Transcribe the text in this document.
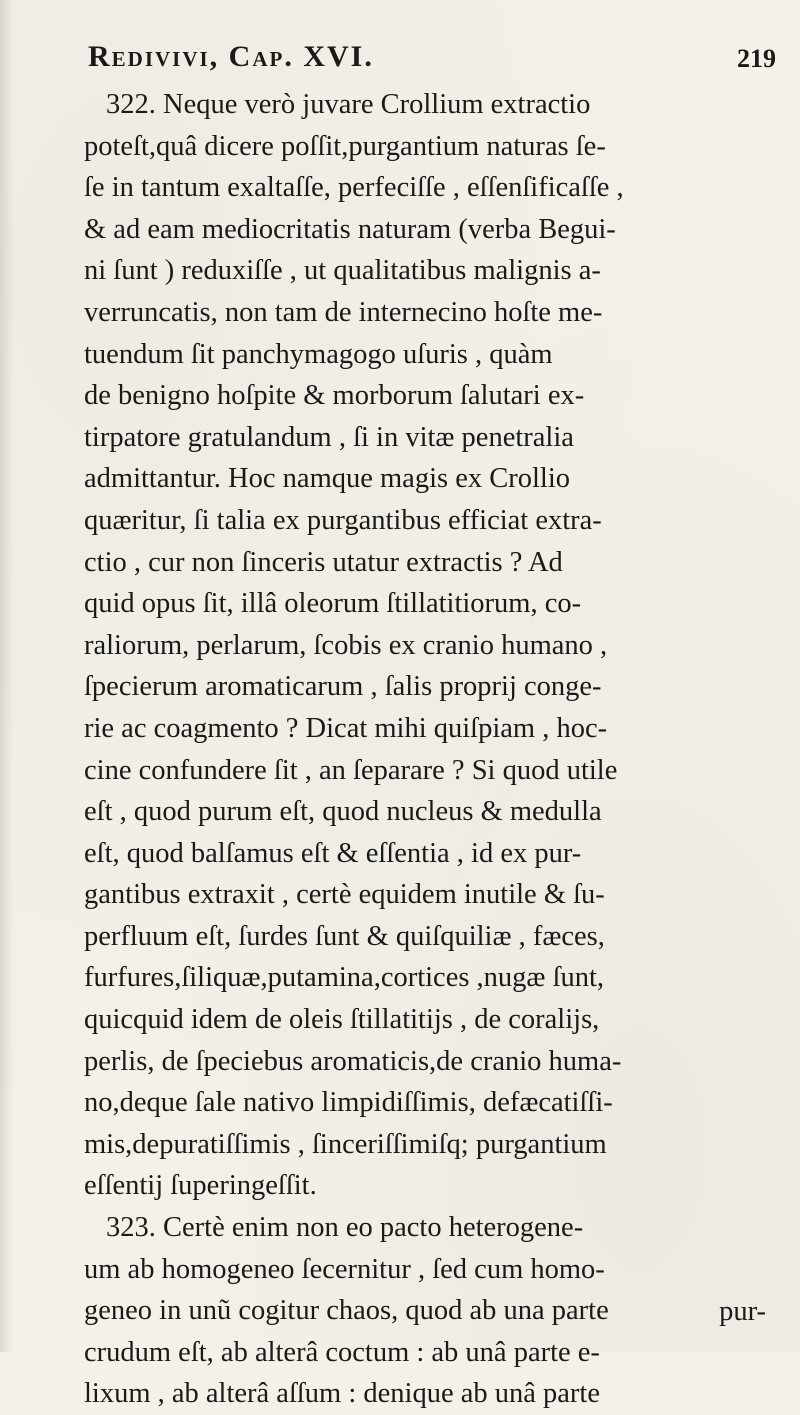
Redivivi, Cap. XVI.	219
322. Neque verò juvare Crollium extractio
poteſt,quâ dicere poſſit,purgantium naturas ſe-
ſe in tantum exaltaſſe, perfeciſſe , eſſenſificaſſe ,
& ad eam mediocritatis naturam (verba Begui-
ni ſunt ) reduxiſſe , ut qualitatibus malignis a-
verruncatis, non tam de internecino hoſte me-
tuendum ſit panchymagogo uſuris , quàm
de benigno hoſpite & morborum ſalutari ex-
tirpatore gratulandum , ſi in vitæ penetralia
admittantur. Hoc namque magis ex Crollio
quæritur, ſi talia ex purgantibus efficiat extra-
ctio , cur non ſinceris utatur extractis ? Ad
quid opus ſit, illâ oleorum ſtillatitiorum, co-
raliorum, perlarum, ſcobis ex cranio humano ,
ſpecierum aromaticarum , ſalis proprij conge-
rie ac coagmento ? Dicat mihi quiſpiam , hoc-
cine confundere ſit , an ſeparare ? Si quod utile
eſt , quod purum eſt, quod nucleus & medulla
eſt, quod balſamus eſt & eſſentia , id ex pur-
gantibus extraxit , certè equidem inutile & ſu-
perfluum eſt, ſurdes ſunt & quiſquiliæ , fæces,
furfures,ſiliquæ,putamina,cortices ,nugæ ſunt,
quicquid idem de oleis ſtillatitijs , de coralijs,
perlis, de ſpeciebus aromaticis,de cranio huma-
no,deque ſale nativo limpidiſſimis, defæcatiſſi-
mis,depuratiſſimis , ſinceriſſimiſq; purgantium
eſſentij ſuperingeſſit.
323. Certè enim non eo pacto heterogene-
um ab homogeneo ſecernitur , ſed cum homo-
geneo in unũ cogitur chaos, quod ab una parte
crudum eſt, ab alterâ coctum : ab unâ parte e-
lixum , ab alterâ aſſum : denique ab unâ parte
pur-
